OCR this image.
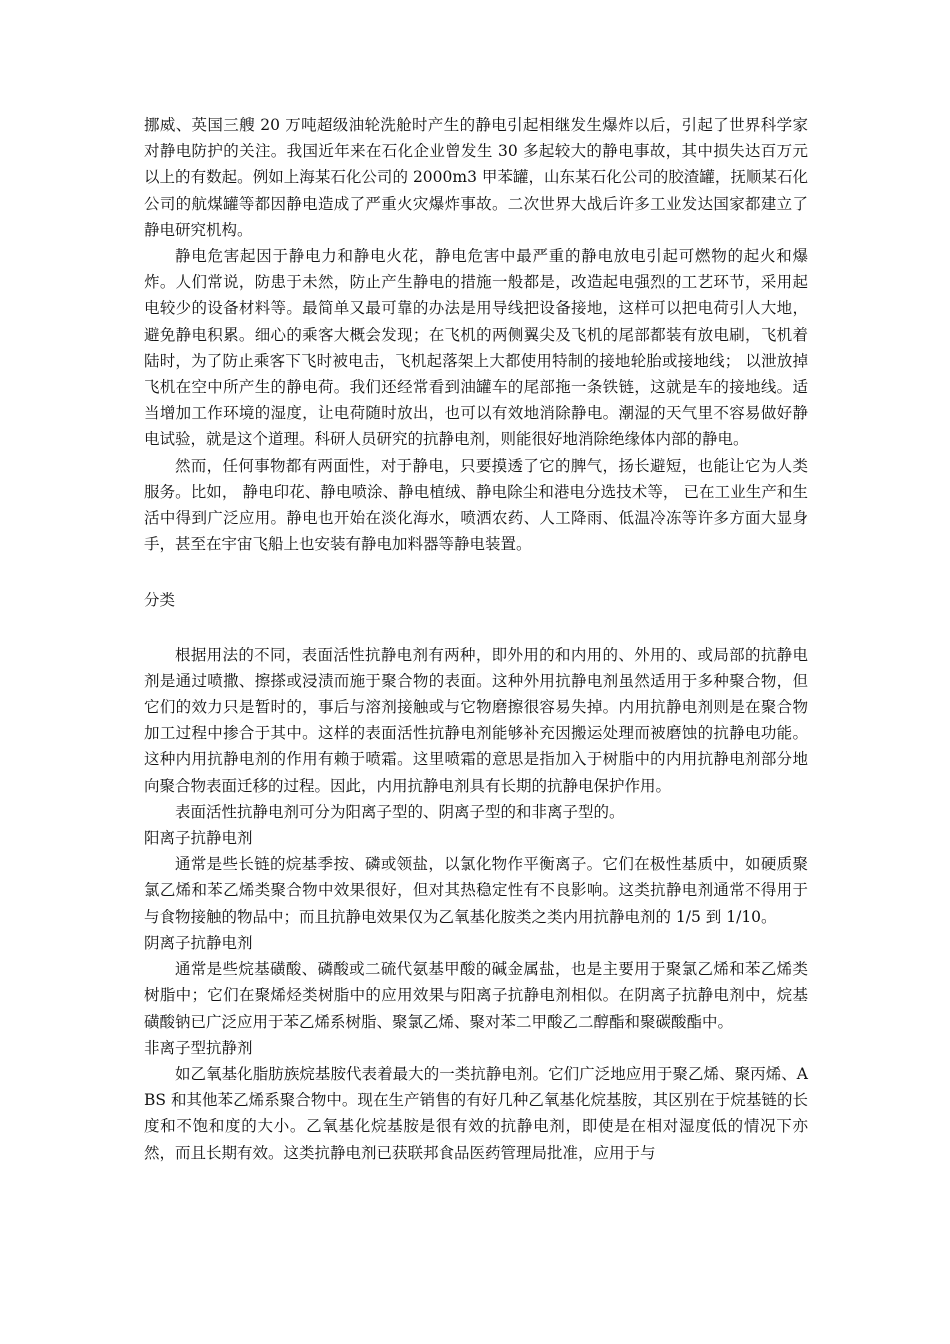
挪威、英国三艘 20 万吨超级油轮洗舱时产生的静电引起相继发生爆炸以后，引起了世界科学家对静电防护的关注。我国近年来在石化企业曾发生 30 多起较大的静电事故，其中损失达百万元以上的有数起。例如上海某石化公司的 2000m3 甲苯罐，山东某石化公司的胶渣罐，抚顺某石化公司的航煤罐等都因静电造成了严重火灾爆炸事故。二次世界大战后许多工业发达国家都建立了静电研究机构。

静电危害起因于静电力和静电火花，静电危害中最严重的静电放电引起可燃物的起火和爆炸。人们常说，防患于未然，防止产生静电的措施一般都是，改造起电强烈的工艺环节，采用起电较少的设备材料等。最简单又最可靠的办法是用导线把设备接地，这样可以把电荷引人大地，避免静电积累。细心的乘客大概会发现；在飞机的两侧翼尖及飞机的尾部都装有放电刷，飞机着陆时，为了防止乘客下飞时被电击，飞机起落架上大都使用特制的接地轮胎或接地线； 以泄放掉飞机在空中所产生的静电荷。我们还经常看到油罐车的尾部拖一条铁链，这就是车的接地线。适当增加工作环境的湿度，让电荷随时放出，也可以有效地消除静电。潮湿的天气里不容易做好静电试验，就是这个道理。科研人员研究的抗静电剂，则能很好地消除绝缘体内部的静电。

然而，任何事物都有两面性，对于静电，只要摸透了它的脾气，扬长避短，也能让它为人类服务。比如， 静电印花、静电喷涂、静电植绒、静电除尘和港电分选技术等， 已在工业生产和生活中得到广泛应用。静电也开始在淡化海水，喷洒农药、人工降雨、低温冷冻等许多方面大显身手，甚至在宇宙飞船上也安装有静电加料器等静电装置。

分类

根据用法的不同，表面活性抗静电剂有两种，即外用的和内用的、外用的、或局部的抗静电剂是通过喷撒、擦搽或浸渍而施于聚合物的表面。这种外用抗静电剂虽然适用于多种聚合物，但它们的效力只是暂时的，事后与溶剂接触或与它物磨擦很容易失掉。内用抗静电剂则是在聚合物加工过程中掺合于其中。这样的表面活性抗静电剂能够补充因搬运处理而被磨蚀的抗静电功能。这种内用抗静电剂的作用有赖于喷霜。这里喷霜的意思是指加入于树脂中的内用抗静电剂部分地向聚合物表面迁移的过程。因此，内用抗静电剂具有长期的抗静电保护作用。

表面活性抗静电剂可分为阳离子型的、阴离子型的和非离子型的。

阳离子抗静电剂

通常是些长链的烷基季按、磷或领盐，以氯化物作平衡离子。它们在极性基质中，如硬质聚氯乙烯和苯乙烯类聚合物中效果很好，但对其热稳定性有不良影响。这类抗静电剂通常不得用于与食物接触的物品中；而且抗静电效果仅为乙氧基化胺类之类内用抗静电剂的 1/5 到 1/10。

阴离子抗静电剂

通常是些烷基磺酸、磷酸或二硫代氨基甲酸的碱金属盐，也是主要用于聚氯乙烯和苯乙烯类树脂中；它们在聚烯烃类树脂中的应用效果与阳离子抗静电剂相似。在阴离子抗静电剂中，烷基磺酸钠已广泛应用于苯乙烯系树脂、聚氯乙烯、聚对苯二甲酸乙二醇酯和聚碳酸酯中。

非离子型抗静剂

如乙氧基化脂肪族烷基胺代表着最大的一类抗静电剂。它们广泛地应用于聚乙烯、聚丙烯、ABS 和其他苯乙烯系聚合物中。现在生产销售的有好几种乙氧基化烷基胺，其区别在于烷基链的长度和不饱和度的大小。乙氧基化烷基胺是很有效的抗静电剂，即使是在相对湿度低的情况下亦然，而且长期有效。这类抗静电剂已获联邦食品医药管理局批准，应用于与
